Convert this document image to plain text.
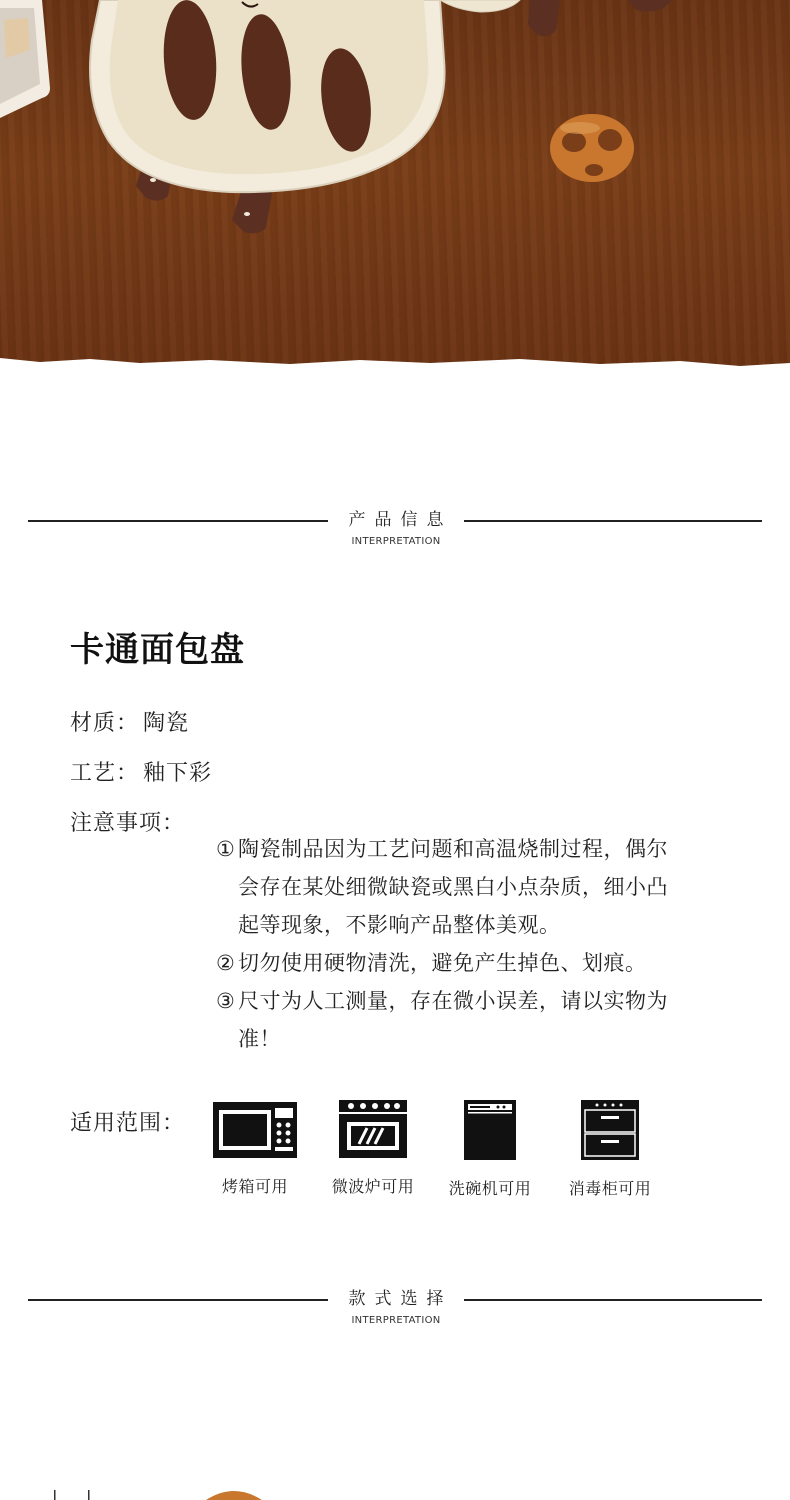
产品信息
INTERPRETATION
卡通面包盘
材质： 陶瓷
工艺： 釉下彩
注意事项：
① 陶瓷制品因为工艺问题和高温烧制过程，偶尔会存在某处细微缺瓷或黑白小点杂质，细小凸起等现象，不影响产品整体美观。
② 切勿使用硬物清洗，避免产生掉色、划痕。
③ 尺寸为人工测量，存在微小误差，请以实物为准！
适用范围：
烤箱可用	微波炉可用	洗碗机可用	消毒柜可用
款式选择
INTERPRETATION
